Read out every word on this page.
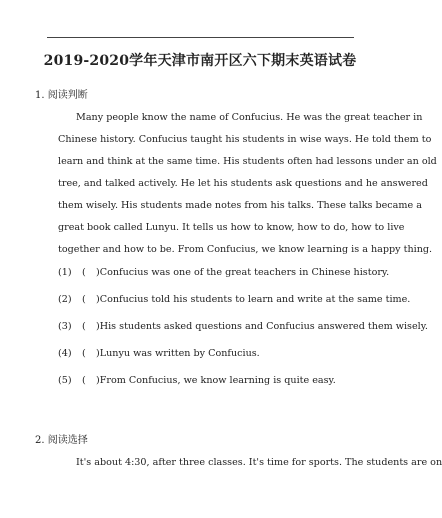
2019-2020学年天津市南开区六下期末英语试卷
1. 阅读判断
Many people know the name of Confucius. He was the great teacher in
Chinese history. Confucius taught his students in wise ways. He told them to
learn and think at the same time. His students often had lessons under an old
tree, and talked actively. He let his students ask questions and he answered
them wisely. His students made notes from his talks. These talks became a
great book called Lunyu. It tells us how to know, how to do, how to live
together and how to be. From Confucius, we know learning is a happy thing.
(1) ( )Confucius was one of the great teachers in Chinese history.
(2) ( )Confucius told his students to learn and write at the same time.
(3) ( )His students asked questions and Confucius answered them wisely.
(4) ( )Lunyu was written by Confucius.
(5) ( )From Confucius, we know learning is quite easy.
2. 阅读选择
It's about 4:30, after three classes. It's time for sports. The students are on
